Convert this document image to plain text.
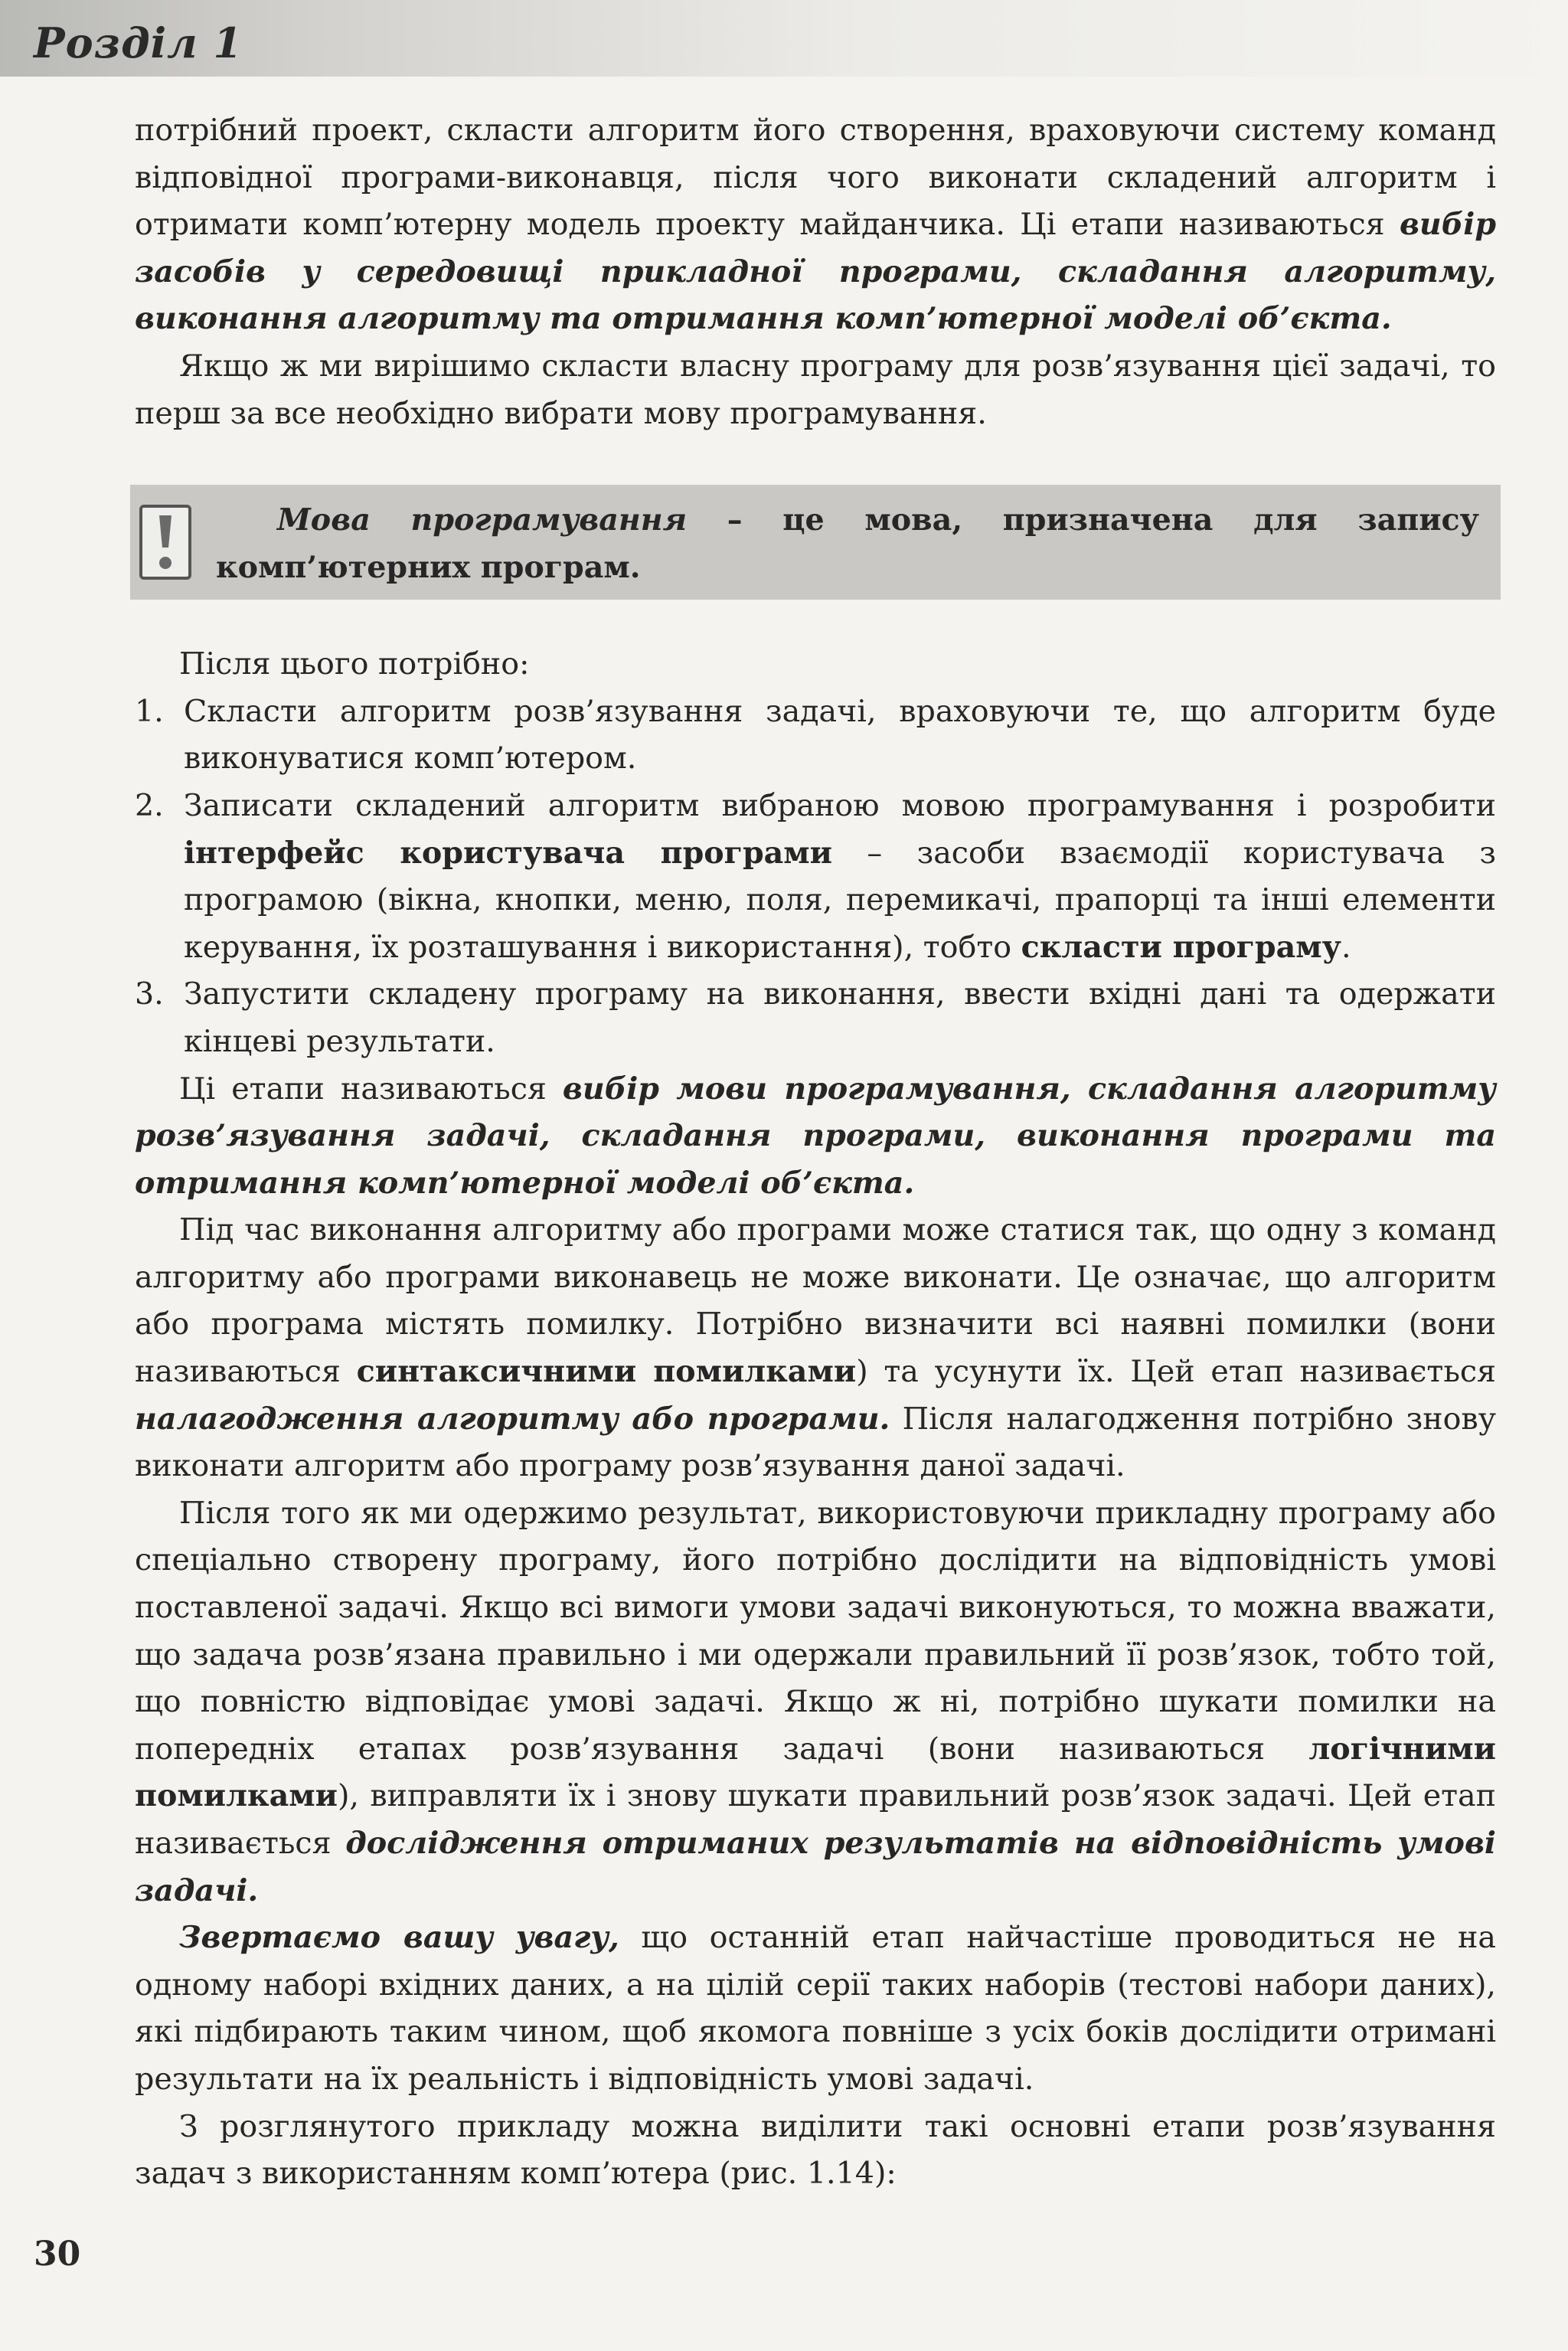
Розділ 1

потрібний проект, скласти алгоритм його створення, враховуючи систему команд відповідної програми-виконавця, після чого виконати складений алгоритм і отримати комп’ютерну модель проекту майданчика. Ці етапи називаються вибір засобів у середовищі прикладної програми, складання алгоритму, виконання алгоритму та отримання комп’ютерної моделі об’єкта.

Якщо ж ми вирішимо скласти власну програму для розв’язування цієї задачі, то перш за все необхідно вибрати мову програмування.

Мова програмування – це мова, призначена для запису комп’ютерних програм.

Після цього потрібно:

1. Скласти алгоритм розв’язування задачі, враховуючи те, що алгоритм буде виконуватися комп’ютером.
2. Записати складений алгоритм вибраною мовою програмування і розробити інтерфейс користувача програми – засоби взаємодії користувача з програмою (вікна, кнопки, меню, поля, перемикачі, прапорці та інші елементи керування, їх розташування і використання), тобто скласти програму.
3. Запустити складену програму на виконання, ввести вхідні дані та одержати кінцеві результати.

Ці етапи називаються вибір мови програмування, складання алгоритму розв’язування задачі, складання програми, виконання програми та отримання комп’ютерної моделі об’єкта.

Під час виконання алгоритму або програми може статися так, що одну з команд алгоритму або програми виконавець не може виконати. Це означає, що алгоритм або програма містять помилку. Потрібно визначити всі наявні помилки (вони називаються синтаксичними помилками) та усунути їх. Цей етап називається налагодження алгоритму або програми. Після налагодження потрібно знову виконати алгоритм або програму розв’язування даної задачі.

Після того як ми одержимо результат, використовуючи прикладну програму або спеціально створену програму, його потрібно дослідити на відповідність умові поставленої задачі. Якщо всі вимоги умови задачі виконуються, то можна вважати, що задача розв’язана правильно і ми одержали правильний її розв’язок, тобто той, що повністю відповідає умові задачі. Якщо ж ні, потрібно шукати помилки на попередніх етапах розв’язування задачі (вони називаються логічними помилками), виправляти їх і знову шукати правильний розв’язок задачі. Цей етап називається дослідження отриманих результатів на відповідність умові задачі.

Звертаємо вашу увагу, що останній етап найчастіше проводиться не на одному наборі вхідних даних, а на цілій серії таких наборів (тестові набори даних), які підбирають таким чином, щоб якомога повніше з усіх боків дослідити отримані результати на їх реальність і відповідність умові задачі.

З розглянутого прикладу можна виділити такі основні етапи розв’язування задач з використанням комп’ютера (рис. 1.14):

30
